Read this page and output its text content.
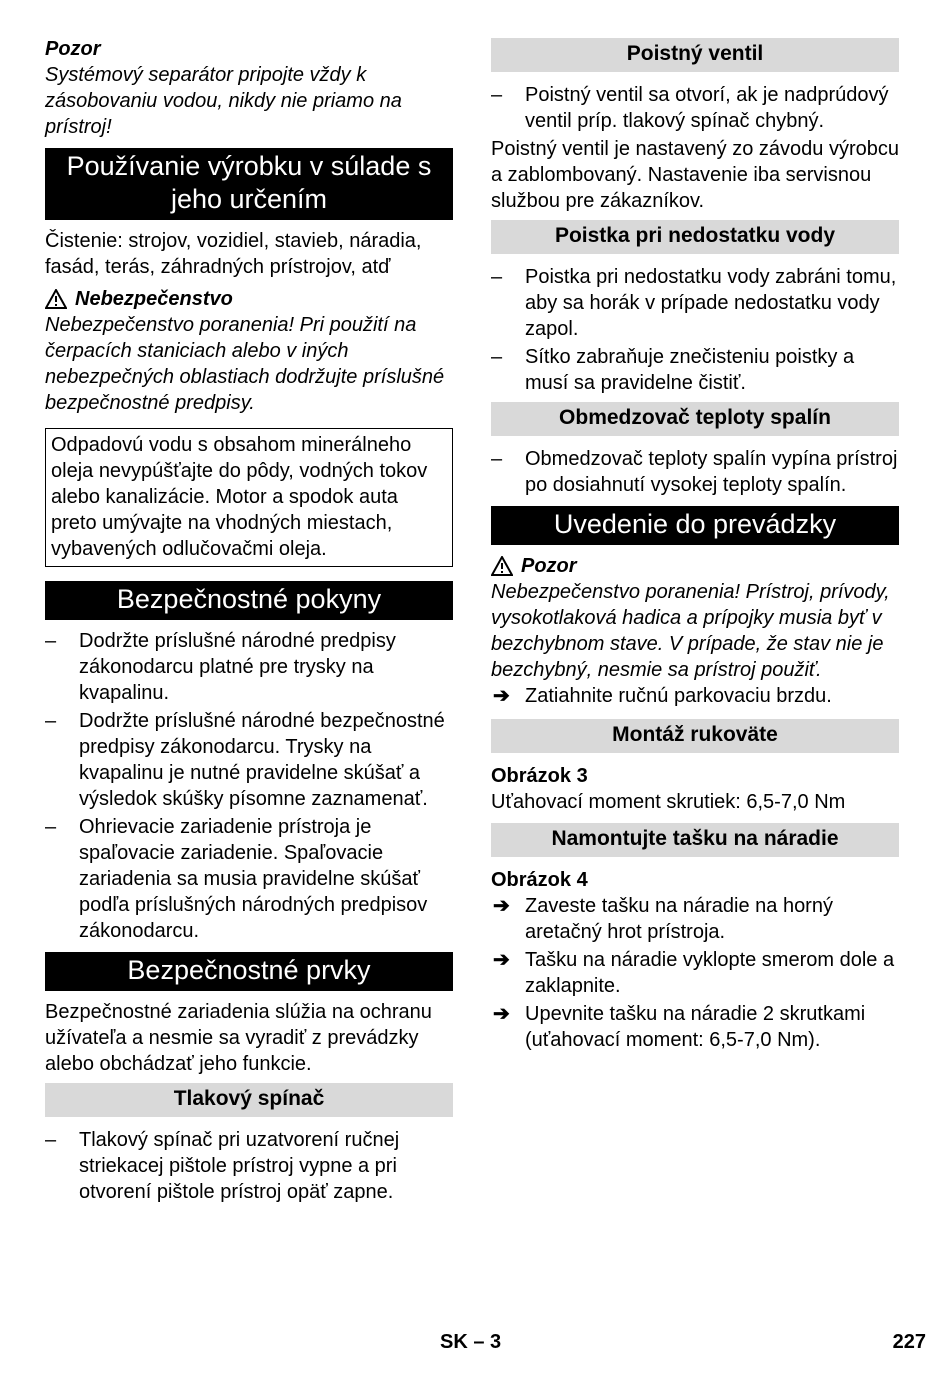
Pozor

Systémový separátor pripojte vždy k zásobovaniu vodou, nikdy nie priamo na prístroj!

Používanie výrobku v súlade s jeho určením

Čistenie: strojov, vozidiel, stavieb, náradia, fasád, terás, záhradných prístrojov, atď

Nebezpečenstvo

Nebezpečenstvo poranenia! Pri použití na čerpacích staniciach alebo v iných nebezpečných oblastiach dodržujte príslušné bezpečnostné predpisy.

Odpadovú vodu s obsahom minerálneho oleja nevypúšťajte do pôdy, vodných tokov alebo kanalizácie. Motor a spodok auta preto umývajte na vhodných miestach, vybavených odlučovačmi oleja.

Bezpečnostné pokyny
– Dodržte príslušné národné predpisy zákonodarcu platné pre trysky na kvapalinu.
– Dodržte príslušné národné bezpečnostné predpisy zákonodarcu. Trysky na kvapalinu je nutné pravidelne skúšať a výsledok skúšky písomne zaznamenať.
– Ohrievacie zariadenie prístroja je spaľovacie zariadenie. Spaľovacie zariadenia sa musia pravidelne skúšať podľa príslušných národných predpisov zákonodarcu.
Bezpečnostné prvky

Bezpečnostné zariadenia slúžia na ochranu užívateľa a nesmie sa vyradiť z prevádzky alebo obchádzať jeho funkcie.

Tlakový spínač
– Tlakový spínač pri uzatvorení ručnej striekacej pištole prístroj vypne a pri otvorení pištole prístroj opäť zapne.
Poistný ventil
– Poistný ventil sa otvorí, ak je nadprúdový ventil príp. tlakový spínač chybný.

Poistný ventil je nastavený zo závodu výrobcu a zablombovaný. Nastavenie iba servisnou službou pre zákazníkov.

Poistka pri nedostatku vody
– Poistka pri nedostatku vody zabráni tomu, aby sa horák v prípade nedostatku vody zapol.
– Sítko zabraňuje znečisteniu poistky a musí sa pravidelne čistiť.
Obmedzovač teploty spalín
– Obmedzovač teploty spalín vypína prístroj po dosiahnutí vysokej teploty spalín.
Uvedenie do prevádzky
Pozor

Nebezpečenstvo poranenia! Prístroj, prívody, vysokotlaková hadica a prípojky musia byť v bezchybnom stave. V prípade, že stav nie je bezchybný, nesmie sa prístroj použiť.

➔ Zatiahnite ručnú parkovaciu brzdu.
Montáž rukoväte

Obrázok 3

Uťahovací moment skrutiek: 6,5-7,0 Nm

Namontujte tašku na náradie

Obrázok 4

➔ Zaveste tašku na náradie na horný aretačný hrot prístroja.
➔ Tašku na náradie vyklopte smerom dole a zaklapnite.
➔ Upevnite tašku na náradie 2 skrutkami (uťahovací moment: 6,5-7,0 Nm).
SK – 3	227
